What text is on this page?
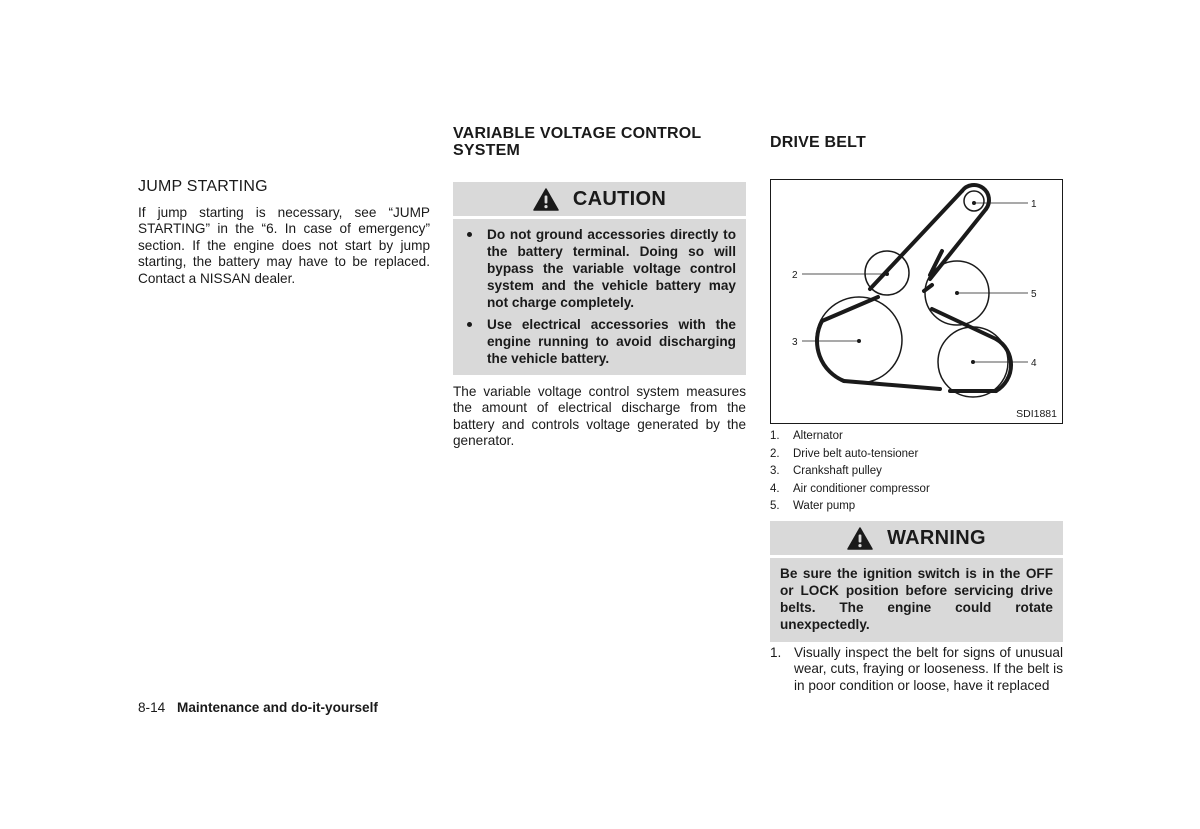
JUMP STARTING
If jump starting is necessary, see “JUMP STARTING” in the “6. In case of emergency” section. If the engine does not start by jump starting, the battery may have to be replaced. Contact a NISSAN dealer.
VARIABLE VOLTAGE CONTROL
SYSTEM
CAUTION
Do not ground accessories directly to the battery terminal. Doing so will bypass the variable voltage control system and the vehicle battery may not charge completely.
Use electrical accessories with the engine running to avoid discharging the vehicle battery.
The variable voltage control system measures the amount of electrical discharge from the battery and controls voltage generated by the generator.
DRIVE BELT
1
2
3
4
5
SDI1881
1. Alternator
2. Drive belt auto-tensioner
3. Crankshaft pulley
4. Air conditioner compressor
5. Water pump
WARNING
Be sure the ignition switch is in the OFF or LOCK position before servicing drive belts. The engine could rotate unexpectedly.
1. Visually inspect the belt for signs of unusual wear, cuts, fraying or looseness. If the belt is in poor condition or loose, have it replaced
8-14 Maintenance and do-it-yourself
